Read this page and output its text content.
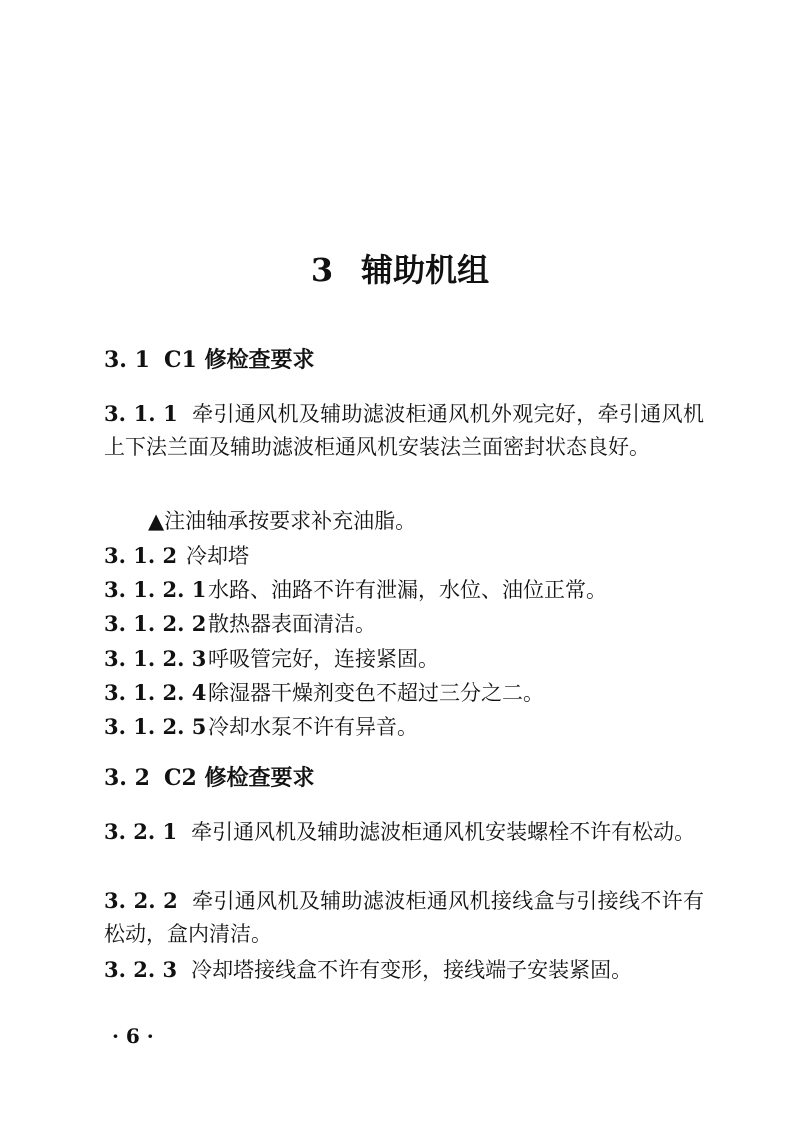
3 辅助机组
3. 1 C1 修检查要求
3. 1. 1 牵引通风机及辅助滤波柜通风机外观完好，牵引通风机上下法兰面及辅助滤波柜通风机安装法兰面密封状态良好。
▲注油轴承按要求补充油脂。
3. 1. 2 冷却塔
3. 1. 2. 1水路、油路不许有泄漏，水位、油位正常。
3. 1. 2. 2散热器表面清洁。
3. 1. 2. 3呼吸管完好，连接紧固。
3. 1. 2. 4除湿器干燥剂变色不超过三分之二。
3. 1. 2. 5冷却水泵不许有异音。
3. 2 C2 修检查要求
3. 2. 1 牵引通风机及辅助滤波柜通风机安装螺栓不许有松动。
3. 2. 2 牵引通风机及辅助滤波柜通风机接线盒与引接线不许有松动，盒内清洁。
3. 2. 3 冷却塔接线盒不许有变形，接线端子安装紧固。
· 6 ·
